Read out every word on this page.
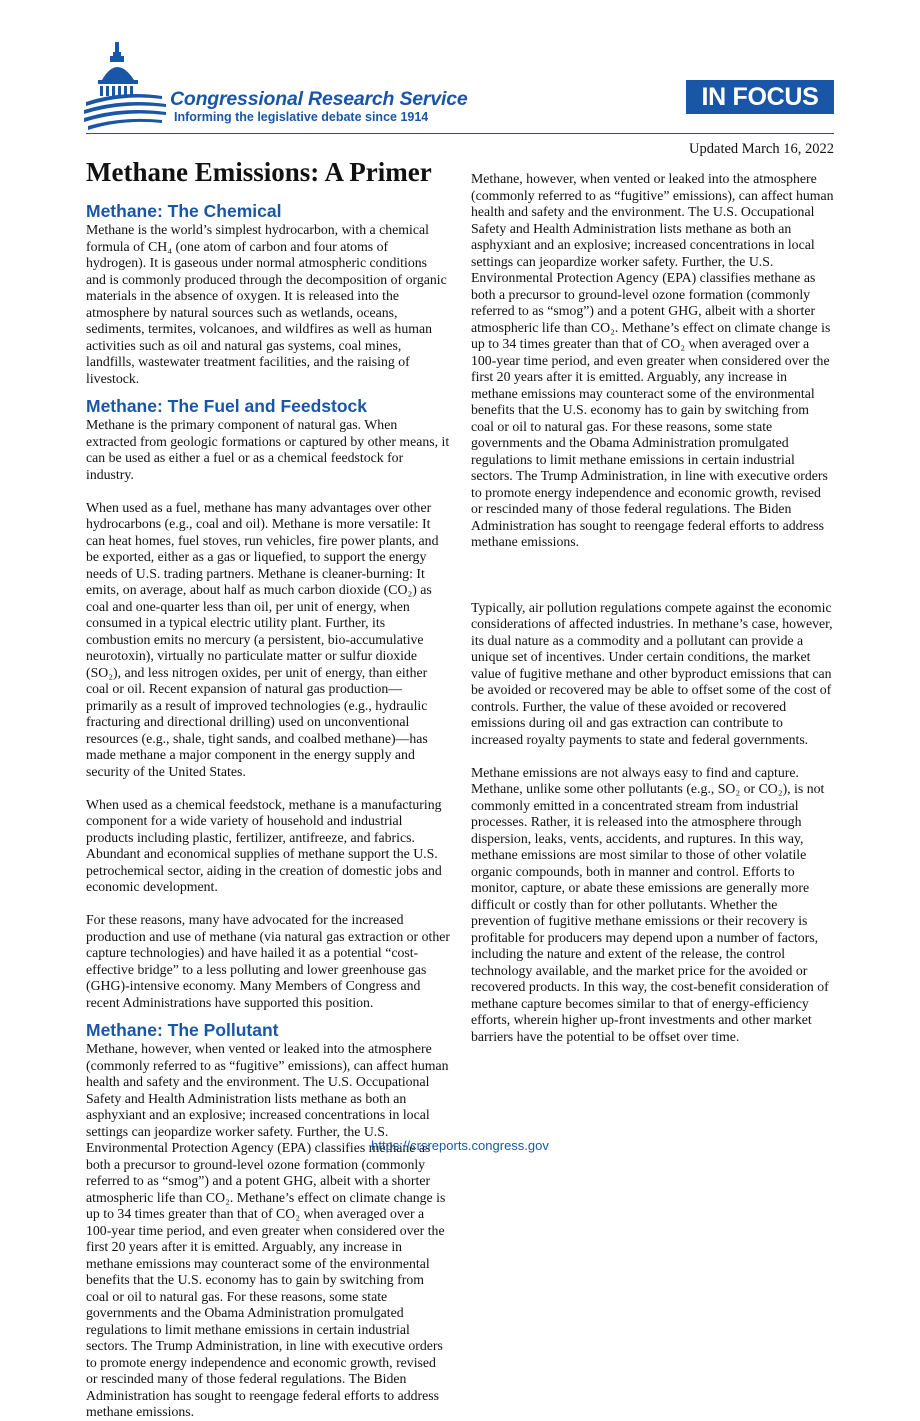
Congressional Research Service
Informing the legislative debate since 1914
IN FOCUS
Updated March 16, 2022
Methane Emissions: A Primer
Methane: The Chemical

Methane is the world’s simplest hydrocarbon, with a chemical formula of CH₄ (one atom of carbon and four atoms of hydrogen). It is gaseous under normal atmospheric conditions and is commonly produced through the decomposition of organic materials in the absence of oxygen. It is released into the atmosphere by natural sources such as wetlands, oceans, sediments, termites, volcanoes, and wildfires as well as human activities such as oil and natural gas systems, coal mines, landfills, wastewater treatment facilities, and the raising of livestock.

Methane: The Fuel and Feedstock

Methane is the primary component of natural gas. When extracted from geologic formations or captured by other means, it can be used as either a fuel or as a chemical feedstock for industry.

When used as a fuel, methane has many advantages over other hydrocarbons (e.g., coal and oil). Methane is more versatile: It can heat homes, fuel stoves, run vehicles, fire power plants, and be exported, either as a gas or liquefied, to support the energy needs of U.S. trading partners. Methane is cleaner-burning: It emits, on average, about half as much carbon dioxide (CO₂) as coal and one-quarter less than oil, per unit of energy, when consumed in a typical electric utility plant. Further, its combustion emits no mercury (a persistent, bio-accumulative neurotoxin), virtually no particulate matter or sulfur dioxide (SO₂), and less nitrogen oxides, per unit of energy, than either coal or oil. Recent expansion of natural gas production—primarily as a result of improved technologies (e.g., hydraulic fracturing and directional drilling) used on unconventional resources (e.g., shale, tight sands, and coalbed methane)—has made methane a major component in the energy supply and security of the United States.

When used as a chemical feedstock, methane is a manufacturing component for a wide variety of household and industrial products including plastic, fertilizer, antifreeze, and fabrics. Abundant and economical supplies of methane support the U.S. petrochemical sector, aiding in the creation of domestic jobs and economic development.

For these reasons, many have advocated for the increased production and use of methane (via natural gas extraction or other capture technologies) and have hailed it as a potential “cost-effective bridge” to a less polluting and lower greenhouse gas (GHG)-intensive economy. Many Members of Congress and recent Administrations have supported this position.

Methane: The Pollutant
Methane, however, when vented or leaked into the atmosphere (commonly referred to as “fugitive” emissions), can affect human health and safety and the environment. The U.S. Occupational Safety and Health Administration lists methane as both an asphyxiant and an explosive; increased concentrations in local settings can jeopardize worker safety. Further, the U.S. Environmental Protection Agency (EPA) classifies methane as both a precursor to ground-level ozone formation (commonly referred to as “smog”) and a potent GHG, albeit with a shorter atmospheric life than CO₂. Methane’s effect on climate change is up to 34 times greater than that of CO₂ when averaged over a 100-year time period, and even greater when considered over the first 20 years after it is emitted. Arguably, any increase in methane emissions may counteract some of the environmental benefits that the U.S. economy has to gain by switching from coal or oil to natural gas. For these reasons, some state governments and the Obama Administration promulgated regulations to limit methane emissions in certain industrial sectors. The Trump Administration, in line with executive orders to promote energy independence and economic growth, revised or rescinded many of those federal regulations. The Biden Administration has sought to reengage federal efforts to address methane emissions.
Methane, however, when vented or leaked into the atmosphere (commonly referred to as “fugitive” emissions), can affect human health and safety and the environment. The U.S. Occupational Safety and Health Administration lists methane as both an asphyxiant and an explosive; increased concentrations in local settings can jeopardize worker safety. Further, the U.S. Environmental Protection Agency (EPA) classifies methane as both a precursor to ground-level ozone formation (commonly referred to as “smog”) and a potent GHG, albeit with a shorter atmospheric life than CO₂. Methane’s effect on climate change is up to 34 times greater than that of CO₂ when averaged over a 100-year time period, and even greater when considered over the first 20 years after it is emitted. Arguably, any increase in methane emissions may counteract some of the environmental benefits that the U.S. economy has to gain by switching from coal or oil to natural gas. For these reasons, some state governments and the Obama Administration promulgated regulations to limit methane emissions in certain industrial sectors. The Trump Administration, in line with executive orders to promote energy independence and economic growth, revised or rescinded many of those federal regulations. The Biden Administration has sought to reengage federal efforts to address methane emissions.

Typically, air pollution regulations compete against the economic considerations of affected industries. In methane’s case, however, its dual nature as a commodity and a pollutant can provide a unique set of incentives. Under certain conditions, the market value of fugitive methane and other byproduct emissions that can be avoided or recovered may be able to offset some of the cost of controls. Further, the value of these avoided or recovered emissions during oil and gas extraction can contribute to increased royalty payments to state and federal governments.

Methane emissions are not always easy to find and capture. Methane, unlike some other pollutants (e.g., SO₂ or CO₂), is not commonly emitted in a concentrated stream from industrial processes. Rather, it is released into the atmosphere through dispersion, leaks, vents, accidents, and ruptures. In this way, methane emissions are most similar to those of other volatile organic compounds, both in manner and control. Efforts to monitor, capture, or abate these emissions are generally more difficult or costly than for other pollutants. Whether the prevention of fugitive methane emissions or their recovery is profitable for producers may depend upon a number of factors, including the nature and extent of the release, the control technology available, and the market price for the avoided or recovered products. In this way, the cost-benefit consideration of methane capture becomes similar to that of energy-efficiency efforts, wherein higher up-front investments and other market barriers have the potential to be offset over time.

https://crsreports.congress.gov
